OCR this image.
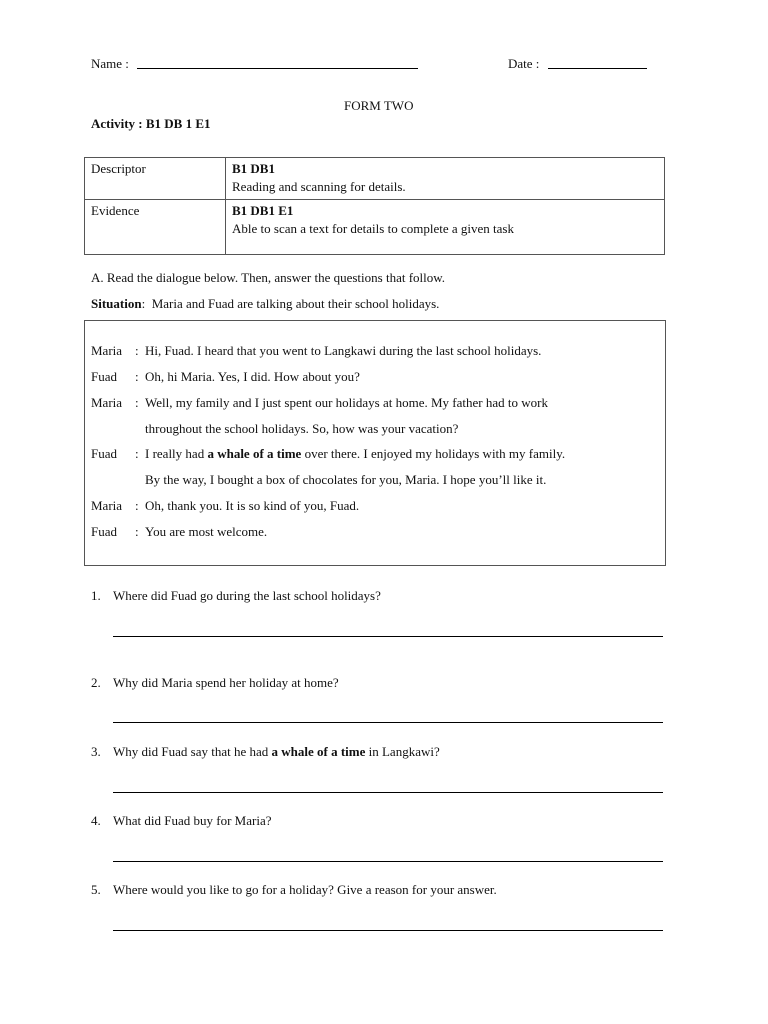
Name :	Date :
FORM TWO
Activity : B1 DB 1 E1
Descriptor	B1 DB1
Reading and scanning for details.

Evidence	B1 DB1 E1
Able to scan a text for details to complete a given task
A. Read the dialogue below. Then, answer the questions that follow.
Situation: Maria and Fuad are talking about their school holidays.
Maria : Hi, Fuad. I heard that you went to Langkawi during the last school holidays.
Fuad : Oh, hi Maria. Yes, I did. How about you?
Maria : Well, my family and I just spent our holidays at home. My father had to work
throughout the school holidays. So, how was your vacation?
Fuad : I really had a whale of a time over there. I enjoyed my holidays with my family.
By the way, I bought a box of chocolates for you, Maria. I hope you’ll like it.
Maria : Oh, thank you. It is so kind of you, Fuad.
Fuad : You are most welcome.
1. Where did Fuad go during the last school holidays?
2. Why did Maria spend her holiday at home?
3. Why did Fuad say that he had a whale of a time in Langkawi?
4. What did Fuad buy for Maria?
5. Where would you like to go for a holiday? Give a reason for your answer.
